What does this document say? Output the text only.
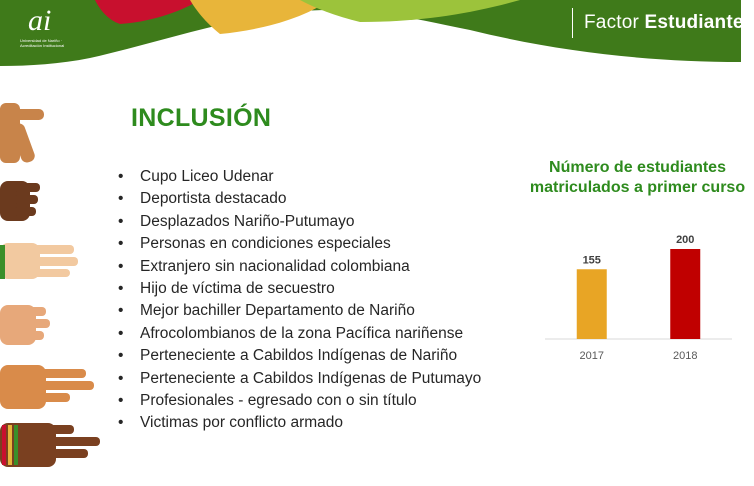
ai
Universidad de Nariño · Acreditación Institucional
Factor Estudiantes
INCLUSIÓN
• Cupo Liceo Udenar
• Deportista destacado
• Desplazados Nariño-Putumayo
• Personas en condiciones especiales
• Extranjero sin nacionalidad colombiana
• Hijo de víctima de secuestro
• Mejor bachiller Departamento de Nariño
• Afrocolombianos de la zona Pacífica nariñense
• Perteneciente a Cabildos Indígenas de Nariño
• Perteneciente a Cabildos Indígenas de Putumayo
• Profesionales - egresado con o sin título
• Victimas por conflicto armado
Número de estudiantes matriculados a primer curso
155
2017
200
2018
